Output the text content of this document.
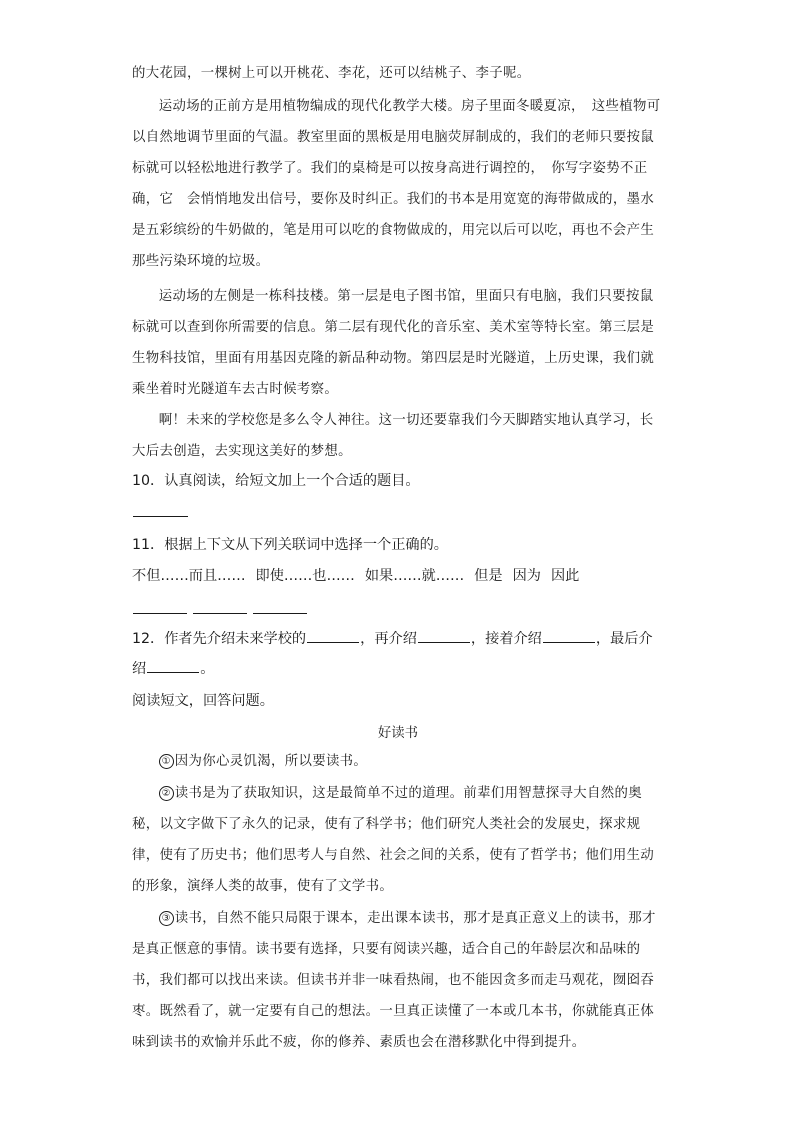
的大花园，一棵树上可以开桃花、李花，还可以结桃子、李子呢。

运动场的正前方是用植物编成的现代化教学大楼。房子里面冬暖夏凉，　这些植物可以自然地调节里面的气温。教室里面的黑板是用电脑荧屏制成的，我们的老师只要按鼠标就可以轻松地进行教学了。我们的桌椅是可以按身高进行调控的，　你写字姿势不正确，它　会悄悄地发出信号，要你及时纠正。我们的书本是用宽宽的海带做成的，墨水是五彩缤纷的牛奶做的，笔是用可以吃的食物做成的，用完以后可以吃，再也不会产生那些污染环境的垃圾。

运动场的左侧是一栋科技楼。第一层是电子图书馆，里面只有电脑，我们只要按鼠标就可以查到你所需要的信息。第二层有现代化的音乐室、美术室等特长室。第三层是生物科技馆，里面有用基因克隆的新品种动物。第四层是时光隧道，上历史课，我们就乘坐着时光隧道车去古时候考察。

啊！未来的学校您是多么令人神往。这一切还要靠我们今天脚踏实地认真学习，长大后去创造，去实现这美好的梦想。

10．认真阅读，给短文加上一个合适的题目。

11．根据上下文从下列关联词中选择一个正确的。

不但……而且…… 即使……也…… 如果……就…… 但是 因为 因此

12．作者先介绍未来学校的	，再介绍	，接着介绍	，最后介
绍	。

阅读短文，回答问题。

好读书

① 因为你心灵饥渴，所以要读书。

② 读书是为了获取知识，这是最简单不过的道理。前辈们用智慧探寻大自然的奥秘，以文字做下了永久的记录，使有了科学书；他们研究人类社会的发展史，探求规律，使有了历史书；他们思考人与自然、社会之间的关系，使有了哲学书；他们用生动的形象，演绎人类的故事，使有了文学书。

③ 读书，自然不能只局限于课本，走出课本读书，那才是真正意义上的读书，那才是真正惬意的事情。读书要有选择，只要有阅读兴趣，适合自己的年龄层次和品味的书，我们都可以找出来读。但读书并非一味看热闹，也不能因贪多而走马观花，囫囵吞枣。既然看了，就一定要有自己的想法。一旦真正读懂了一本或几本书，你就能真正体味到读书的欢愉并乐此不疲，你的修养、素质也会在潜移默化中得到提升。
